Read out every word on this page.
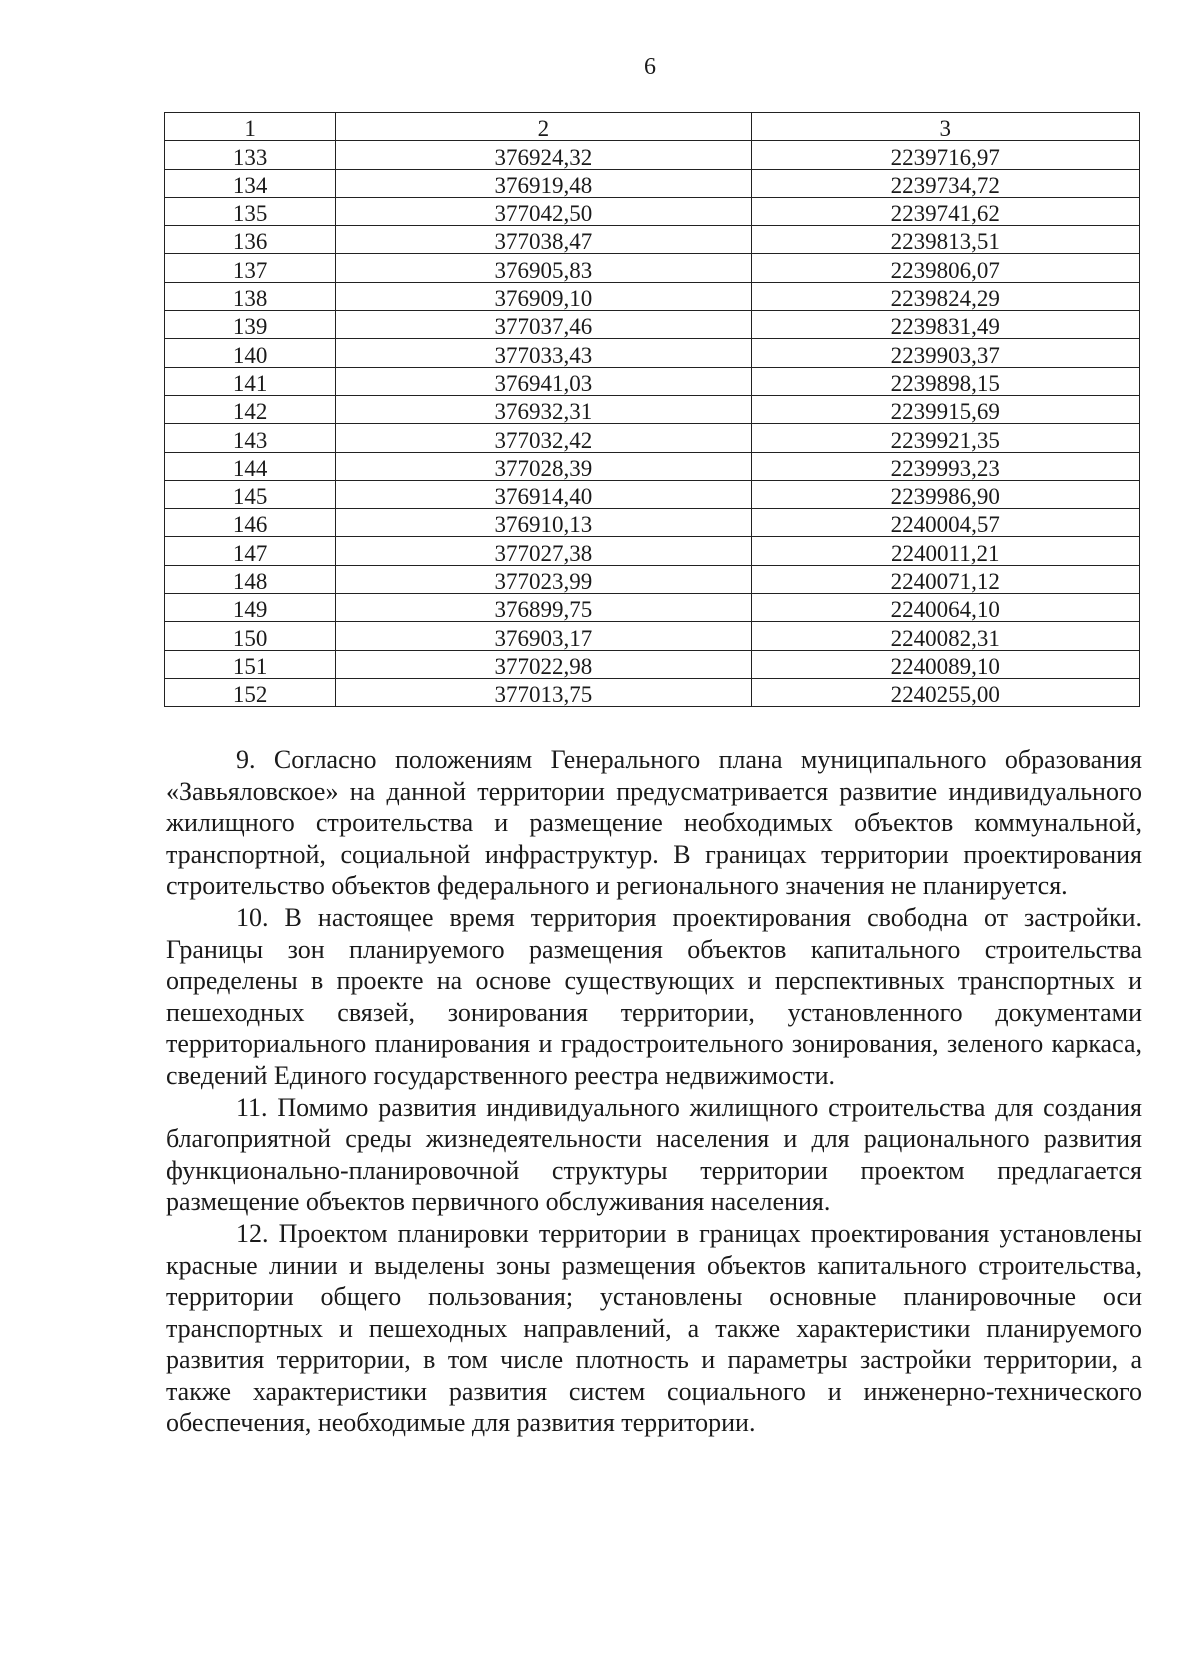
6
1	2	3
133	376924,32	2239716,97
134	376919,48	2239734,72
135	377042,50	2239741,62
136	377038,47	2239813,51
137	376905,83	2239806,07
138	376909,10	2239824,29
139	377037,46	2239831,49
140	377033,43	2239903,37
141	376941,03	2239898,15
142	376932,31	2239915,69
143	377032,42	2239921,35
144	377028,39	2239993,23
145	376914,40	2239986,90
146	376910,13	2240004,57
147	377027,38	2240011,21
148	377023,99	2240071,12
149	376899,75	2240064,10
150	376903,17	2240082,31
151	377022,98	2240089,10
152	377013,75	2240255,00

9. Согласно положениям Генерального плана муниципального образования «Завьяловское» на данной территории предусматривается развитие индивидуального жилищного строительства и размещение необходимых объектов коммунальной, транспортной, социальной инфраструктур. В границах территории проектирования строительство объектов федерального и регионального значения не планируется.

10. В настоящее время территория проектирования свободна от застройки. Границы зон планируемого размещения объектов капитального строительства определены в проекте на основе существующих и перспективных транспортных и пешеходных связей, зонирования территории, установленного документами территориального планирования и градостроительного зонирования, зеленого каркаса, сведений Единого государственного реестра недвижимости.

11. Помимо развития индивидуального жилищного строительства для создания благоприятной среды жизнедеятельности населения и для рационального развития функционально-планировочной структуры территории проектом предлагается размещение объектов первичного обслуживания населения.

12. Проектом планировки территории в границах проектирования установлены красные линии и выделены зоны размещения объектов капитального строительства, территории общего пользования; установлены основные планировочные оси транспортных и пешеходных направлений, а также характеристики планируемого развития территории, в том числе плотность и параметры застройки территории, а также характеристики развития систем социального и инженерно-технического обеспечения, необходимые для развития территории.
